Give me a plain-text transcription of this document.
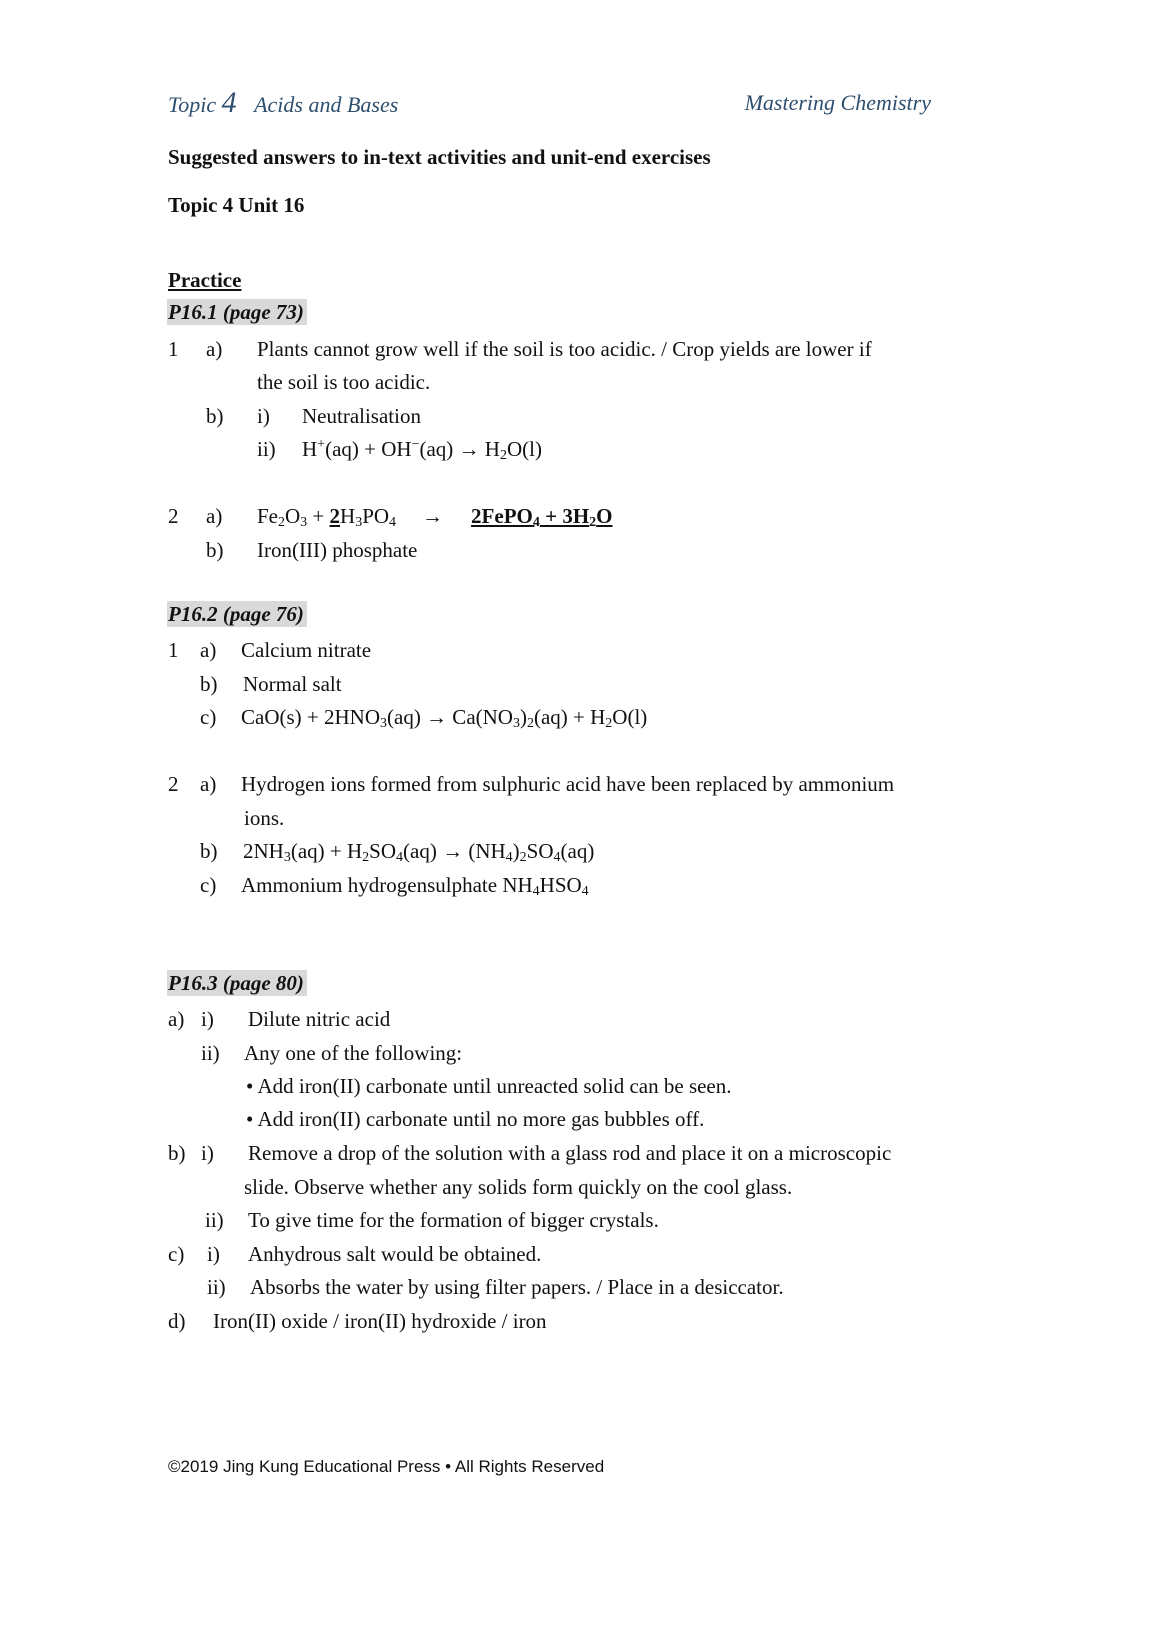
Topic 4 Acids and Bases	Mastering Chemistry
Suggested answers to in-text activities and unit-end exercises
Topic 4 Unit 16
Practice
P16.1 (page 73)
1 a) Plants cannot grow well if the soil is too acidic. / Crop yields are lower if
the soil is too acidic.
b) i) Neutralisation
ii) $H^+(aq) + OH^-(aq) \to H_2O(l)$
2 a) $Fe_2O_3 + 2H_3PO_4$ → 2FePO$_4$ + $3H_2O$
b) Iron(III) phosphate
P16.2 (page 76)
1 a) Calcium nitrate
b) Normal salt
c) $CaO(s) + 2HNO_3(aq) \to Ca(NO_3)_2(aq) + H_2O(l)$
2 a) Hydrogen ions formed from sulphuric acid have been replaced by ammonium
ions.
b) $2NH_3(aq) + H_2SO_4(aq) \to (NH_4)_2SO_4(aq)$
c) Ammonium hydrogensulphate $NH_4HSO_4$
P16.3 (page 80)
a) i) Dilute nitric acid
ii) Any one of the following:
• Add iron(II) carbonate until unreacted solid can be seen.
• Add iron(II) carbonate until no more gas bubbles off.
b) i) Remove a drop of the solution with a glass rod and place it on a microscopic
slide. Observe whether any solids form quickly on the cool glass.
ii) To give time for the formation of bigger crystals.
c) i) Anhydrous salt would be obtained.
ii) Absorbs the water by using filter papers. / Place in a desiccator.
d) Iron(II) oxide / iron(II) hydroxide / iron
©2019 Jing Kung Educational Press • All Rights Reserved
